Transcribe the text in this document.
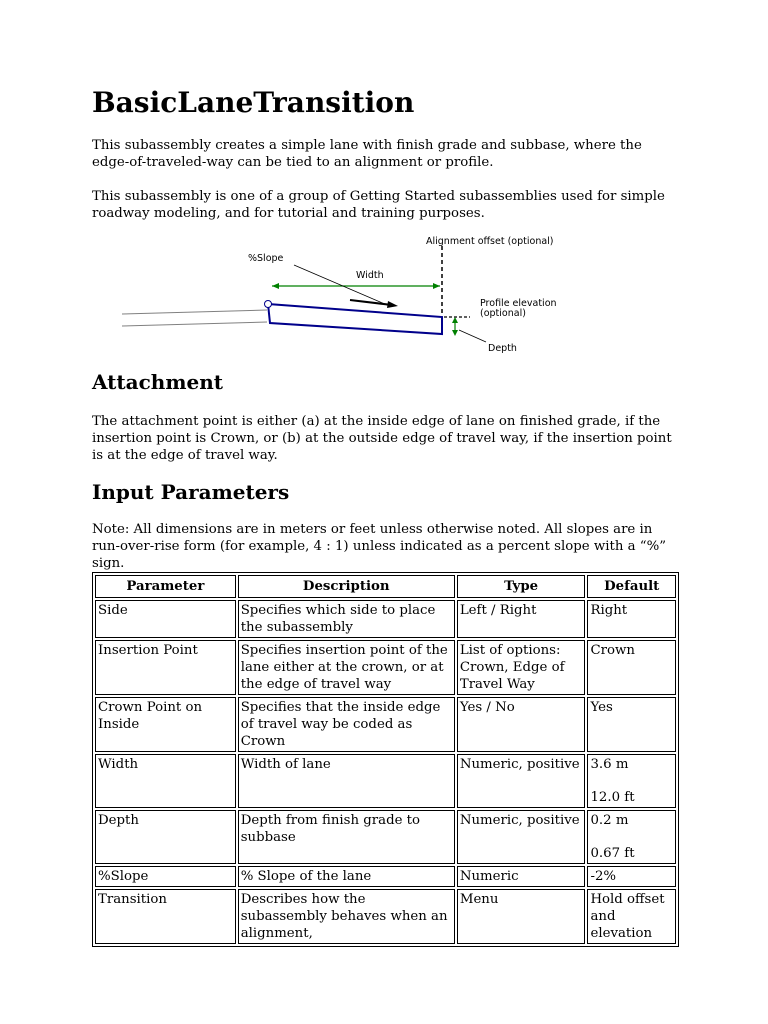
BasicLaneTransition

This subassembly creates a simple lane with finish grade and subbase, where the edge-of-traveled-way can be tied to an alignment or profile.

This subassembly is one of a group of Getting Started subassemblies used for simple roadway modeling, and for tutorial and training purposes.

Alignment offset (optional)
%Slope
Width
Profile elevation
(optional)
Depth
Attachment

The attachment point is either (a) at the inside edge of lane on finished grade, if the insertion point is Crown, or (b) at the outside edge of travel way, if the insertion point is at the edge of travel way.

Input Parameters

Note: All dimensions are in meters or feet unless otherwise noted. All slopes are in run-over-rise form (for example, 4 : 1) unless indicated as a percent slope with a “%” sign.

Parameter	Description	Type	Default
Side	Specifies which side to place the subassembly	Left / Right	Right

Insertion Point	Specifies insertion point of the lane either at the crown, or at the edge of travel way	List of options: Crown, Edge of Travel Way	Crown

Crown Point on Inside	Specifies that the inside edge of travel way be coded as Crown	Yes / No	Yes

Width	Width of lane	Numeric, positive	3.6 m
12.0 ft

Depth	Depth from finish grade to subbase	Numeric, positive	0.2 m
0.67 ft

%Slope	% Slope of the lane	Numeric	-2%

Transition	Describes how the subassembly behaves when an alignment,	Menu	Hold offset and elevation
